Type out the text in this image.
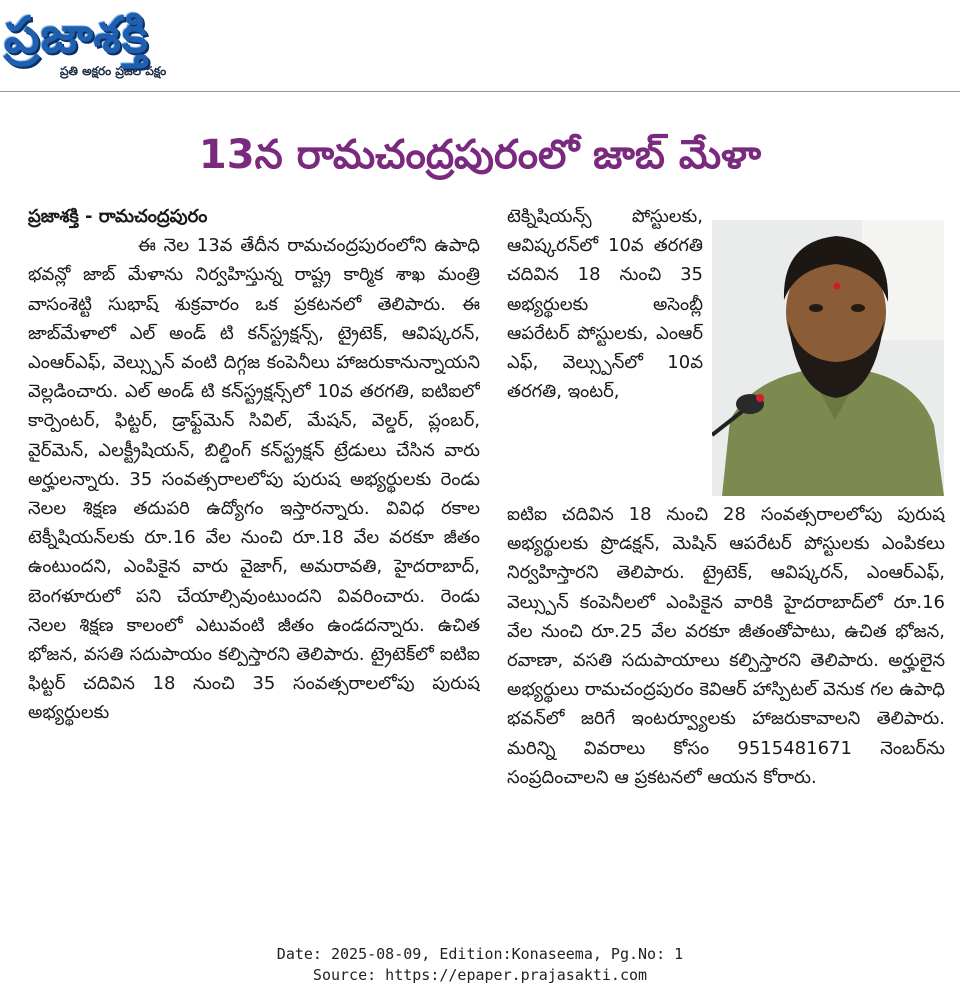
ప్రజాశక్తి
ప్రతి అక్షరం ప్రజల పక్షం
13న రామచంద్రపురంలో జాబ్ మేళా
ప్రజాశక్తి - రామచంద్రపురం
ఈ నెల 13వ తేదీన రామచంద్రపురంలోని ఉపాధి భవన్లో జాబ్ మేళాను నిర్వహిస్తున్న రాష్ట్ర కార్మిక శాఖ మంత్రి వాసంశెట్టి సుభాష్ శుక్రవారం ఒక ప్రకటనలో తెలిపారు. ఈ జాబ్‌మేళాలో ఎల్ అండ్ టి కన్‌స్ట్రక్షన్స్, ట్రైటెక్, ఆవిష్కరన్, ఎంఆర్ఎఫ్, వెల్స్పున్ వంటి దిగ్గజ కంపెనీలు హాజరుకానున్నాయని వెల్లడించారు. ఎల్ అండ్ టి కన్‌స్ట్రక్షన్స్‌లో 10వ తరగతి, ఐటిఐలో కార్పెంటర్, ఫిట్టర్, డ్రాఫ్ట్‌మెన్ సివిల్, మేషన్, వెల్డర్, ప్లంబర్, వైర్‌మెన్, ఎలక్ట్రీషియన్, బిల్డింగ్ కన్‌స్ట్రక్షన్ ట్రేడులు చేసిన వారు అర్హులన్నారు. 35 సంవత్సరాలలోపు పురుష అభ్యర్థులకు రెండు నెలల శిక్షణ తదుపరి ఉద్యోగం ఇస్తారన్నారు. వివిధ రకాల టెక్నీషియన్‌లకు రూ.16 వేల నుంచి రూ.18 వేల వరకూ జీతం ఉంటుందని, ఎంపికైన వారు వైజాగ్, అమరావతి, హైదరాబాద్, బెంగళూరులో పని చేయాల్సివుంటుందని వివరించారు. రెండు నెలల శిక్షణ కాలంలో ఎటువంటి జీతం ఉండదన్నారు. ఉచిత భోజన, వసతి సదుపాయం కల్పిస్తారని తెలిపారు. ట్రైటెక్‌లో ఐటిఐ ఫిట్టర్ చదివిన 18 నుంచి 35 సంవత్సరాలలోపు పురుష అభ్యర్థులకు
టెక్నిషియన్స్ పోస్టులకు, ఆవిష్కరన్‌లో 10వ తరగతి చదివిన 18 నుంచి 35 అభ్యర్థులకు అసెంబ్లీ ఆపరేటర్ పోస్టులకు, ఎంఆర్ ఎఫ్, వెల్స్పున్‌లో 10వ తరగతి, ఇంటర్,
ఐటిఐ చదివిన 18 నుంచి 28 సంవత్సరాలలోపు పురుష అభ్యర్థులకు ప్రొడక్షన్, మెషిన్ ఆపరేటర్ పోస్టులకు ఎంపికలు నిర్వహిస్తారని తెలిపారు. ట్రైటెక్, ఆవిష్కరన్, ఎంఆర్ఎఫ్, వెల్స్పున్ కంపెనీలలో ఎంపికైన వారికి హైదరాబాద్‌లో రూ.16 వేల నుంచి రూ.25 వేల వరకూ జీతంతోపాటు, ఉచిత భోజన, రవాణా, వసతి సదుపాయాలు కల్పిస్తారని తెలిపారు. అర్హులైన అభ్యర్థులు రామచంద్రపురం కెవిఆర్ హాస్పిటల్ వెనుక గల ఉపాధి భవన్‌లో జరిగే ఇంటర్వ్యూలకు హాజరుకావాలని తెలిపారు. మరిన్ని వివరాలు కోసం 9515481671 నెంబర్‌ను సంప్రదించాలని ఆ ప్రకటనలో ఆయన కోరారు.
Date: 2025-08-09, Edition:Konaseema, Pg.No: 1
Source: https://epaper.prajasakti.com
